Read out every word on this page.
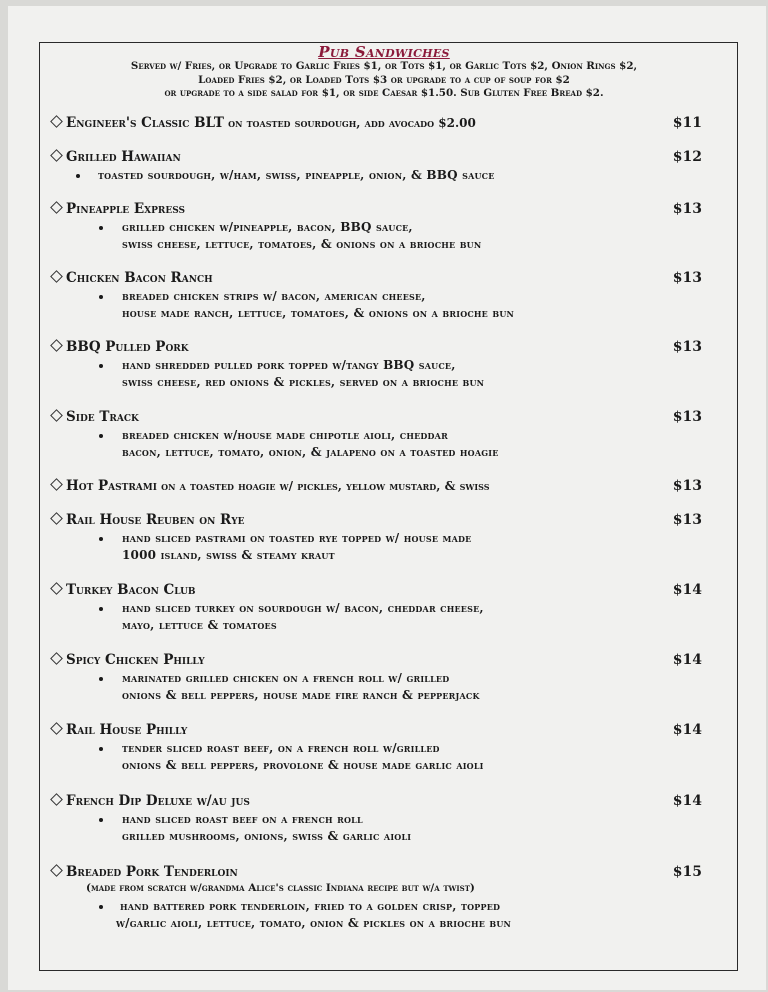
Pub Sandwiches
Served w/ Fries, or Upgrade to Garlic Fries $1, or Tots $1, or Garlic Tots $2, Onion Rings $2,
Loaded Fries $2, or Loaded Tots $3 or upgrade to a cup of soup for $2
or upgrade to a side salad for $1, or side Caesar $1.50. Sub Gluten Free Bread $2.
Engineer's Classic BLT on toasted sourdough, add avocado $2.00	$11
Grilled Hawaiian	$12
toasted sourdough, w/ham, swiss, pineapple, onion, & BBQ sauce
Pineapple Express	$13
grilled chicken w/pineapple, bacon, BBQ sauce,
swiss cheese, lettuce, tomatoes, & onions on a brioche bun
Chicken Bacon Ranch	$13
breaded chicken strips w/ bacon, american cheese,
house made ranch, lettuce, tomatoes, & onions on a brioche bun
BBQ Pulled Pork	$13
hand shredded pulled pork topped w/tangy BBQ sauce,
swiss cheese, red onions & pickles, served on a brioche bun
Side Track	$13
breaded chicken w/house made chipotle aioli, cheddar
bacon, lettuce, tomato, onion, & jalapeno on a toasted hoagie
Hot Pastrami on a toasted hoagie w/ pickles, yellow mustard, & swiss	$13
Rail House Reuben on Rye	$13
hand sliced pastrami on toasted rye topped w/ house made
1000 island, swiss & steamy kraut
Turkey Bacon Club	$14
hand sliced turkey on sourdough w/ bacon, cheddar cheese,
mayo, lettuce & tomatoes
Spicy Chicken Philly	$14
marinated grilled chicken on a french roll w/ grilled
onions & bell peppers, house made fire ranch & pepperjack
Rail House Philly	$14
tender sliced roast beef, on a french roll w/grilled
onions & bell peppers, provolone & house made garlic aioli
French Dip Deluxe w/au jus	$14
hand sliced roast beef on a french roll
grilled mushrooms, onions, swiss & garlic aioli
Breaded Pork Tenderloin	$15
(made from scratch w/grandma Alice's classic Indiana recipe but w/a twist)
hand battered pork tenderloin, fried to a golden crisp, topped
w/garlic aioli, lettuce, tomato, onion & pickles on a brioche bun
